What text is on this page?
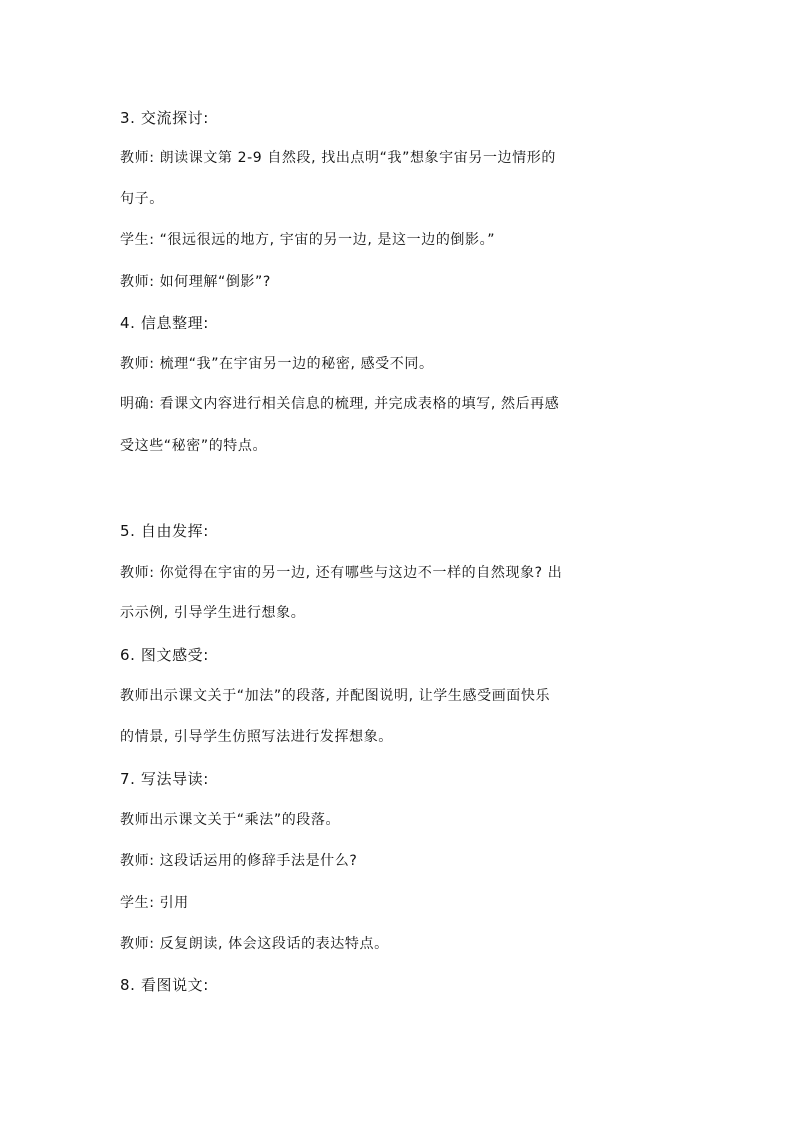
3. 交流探讨:
教师: 朗读课文第 2-9 自然段, 找出点明“我”想象宇宙另一边情形的
句子。
学生: “很远很远的地方, 宇宙的另一边, 是这一边的倒影。”
教师: 如何理解“倒影”?
4. 信息整理:
教师: 梳理“我”在宇宙另一边的秘密, 感受不同。
明确: 看课文内容进行相关信息的梳理, 并完成表格的填写, 然后再感
受这些“秘密”的特点。
5. 自由发挥:
教师: 你觉得在宇宙的另一边, 还有哪些与这边不一样的自然现象? 出
示示例, 引导学生进行想象。
6. 图文感受:
教师出示课文关于“加法”的段落, 并配图说明, 让学生感受画面快乐
的情景, 引导学生仿照写法进行发挥想象。
7. 写法导读:
教师出示课文关于“乘法”的段落。
教师: 这段话运用的修辞手法是什么?
学生: 引用
教师: 反复朗读, 体会这段话的表达特点。
8. 看图说文:
